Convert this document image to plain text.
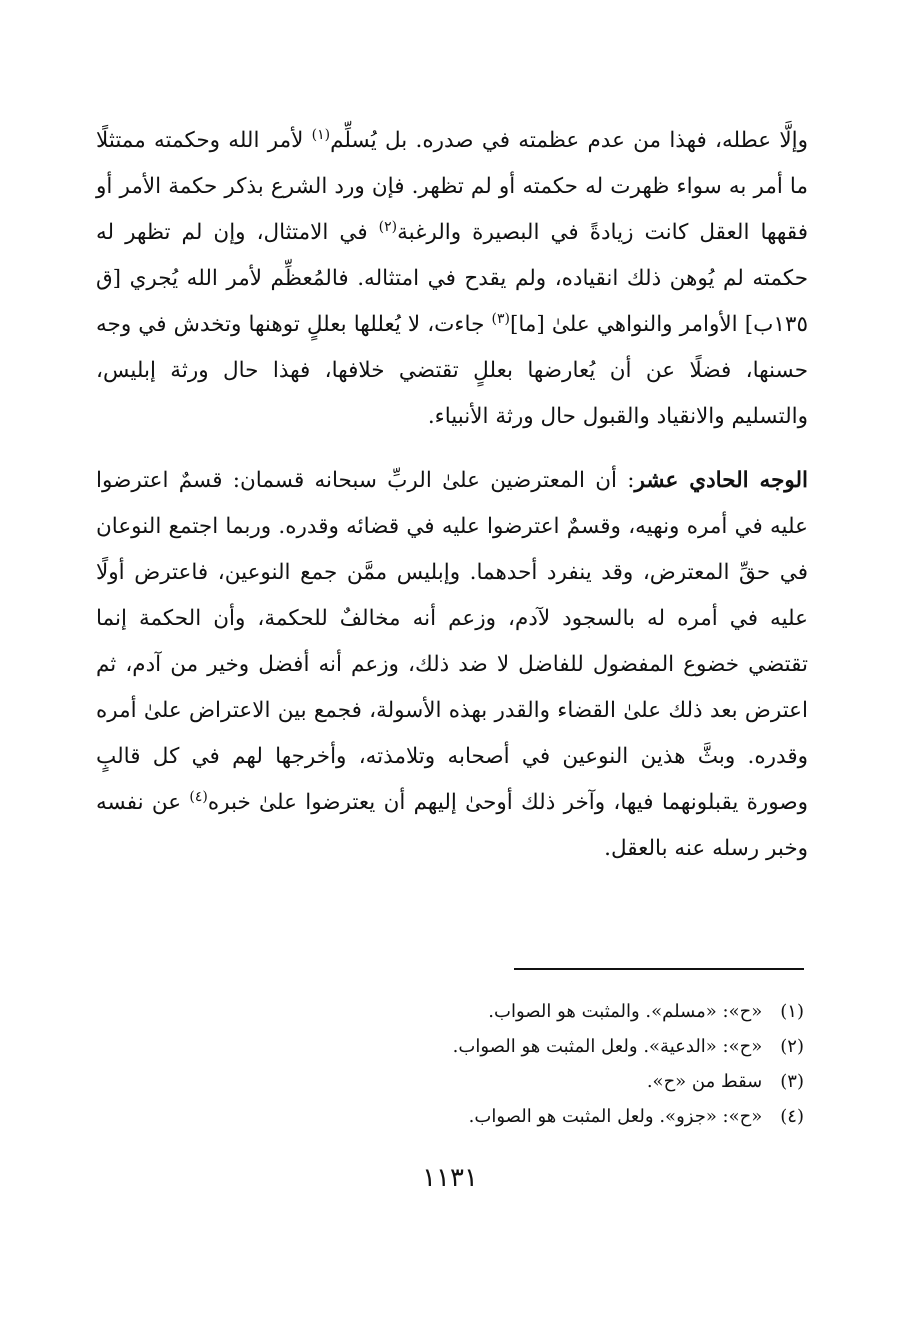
وإلَّا عطله، فهذا من عدم عظمته في صدره. بل يُسلِّم$^{(١)}$ لأمر الله وحكمته ممتثلًا ما أمر به سواء ظهرت له حكمته أو لم تظهر. فإن ورد الشرع بذكر حكمة الأمر أو فقهها العقل كانت زيادةً في البصيرة والرغبة$^{(٢)}$ في الامتثال، وإن لم تظهر له حكمته لم يُوهن ذلك انقياده، ولم يقدح في امتثاله. فالمُعظِّم لأمر الله يُجري [ق ١٣٥ب] الأوامر والنواهي علىٰ [ما]$^{(٣)}$ جاءت، لا يُعللها بعللٍ توهنها وتخدش في وجه حسنها، فضلًا عن أن يُعارضها بعللٍ تقتضي خلافها، فهذا حال ورثة إبليس، والتسليم والانقياد والقبول حال ورثة الأنبياء.

الوجه الحادي عشر: أن المعترضين علىٰ الربِّ سبحانه قسمان: قسمٌ اعترضوا عليه في أمره ونهيه، وقسمٌ اعترضوا عليه في قضائه وقدره. وربما اجتمع النوعان في حقِّ المعترض، وقد ينفرد أحدهما. وإبليس ممَّن جمع النوعين، فاعترض أولًا عليه في أمره له بالسجود لآدم، وزعم أنه مخالفٌ للحكمة، وأن الحكمة إنما تقتضي خضوع المفضول للفاضل لا ضد ذلك، وزعم أنه أفضل وخير من آدم، ثم اعترض بعد ذلك علىٰ القضاء والقدر بهذه الأسولة، فجمع بين الاعتراض علىٰ أمره وقدره. وبثَّ هذين النوعين في أصحابه وتلامذته، وأخرجها لهم في كل قالبٍ وصورة يقبلونهما فيها، وآخر ذلك أوحىٰ إليهم أن يعترضوا علىٰ خبره$^{(٤)}$ عن نفسه وخبر رسله عنه بالعقل.

(١) «ح»: «مسلم». والمثبت هو الصواب.
(٢) «ح»: «الدعية». ولعل المثبت هو الصواب.
(٣) سقط من «ح».
(٤) «ح»: «جزو». ولعل المثبت هو الصواب.
١١٣١
